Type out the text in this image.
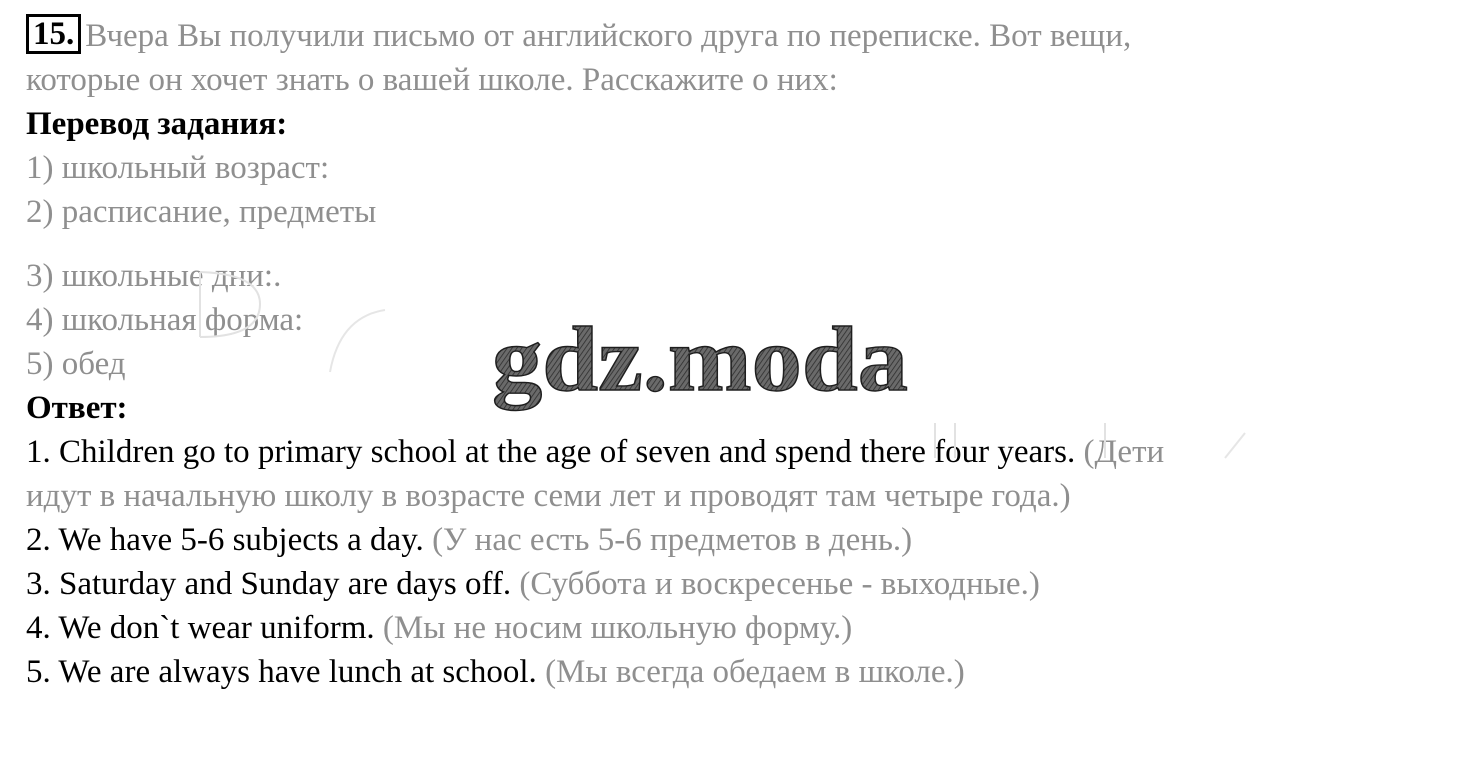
15. Вчера Вы получили письмо от английского друга по переписке. Вот вещи,
которые он хочет знать о вашей школе. Расскажите о них:
Перевод задания:
1) школьный возраст:
2) расписание, предметы
3) школьные дни:.
4) школьная форма:
5) обед
Ответ:
1. Children go to primary school at the age of seven and spend there four years. (Дети
идут в начальную школу в возрасте семи лет и проводят там четыре года.)
2. We have 5-6 subjects a day. (У нас есть 5-6 предметов в день.)
3. Saturday and Sunday are days off. (Суббота и воскресенье - выходные.)
4. We don`t wear uniform. (Мы не носим школьную форму.)
5. We are always have lunch at school. (Мы всегда обедаем в школе.)
gdz.moda
